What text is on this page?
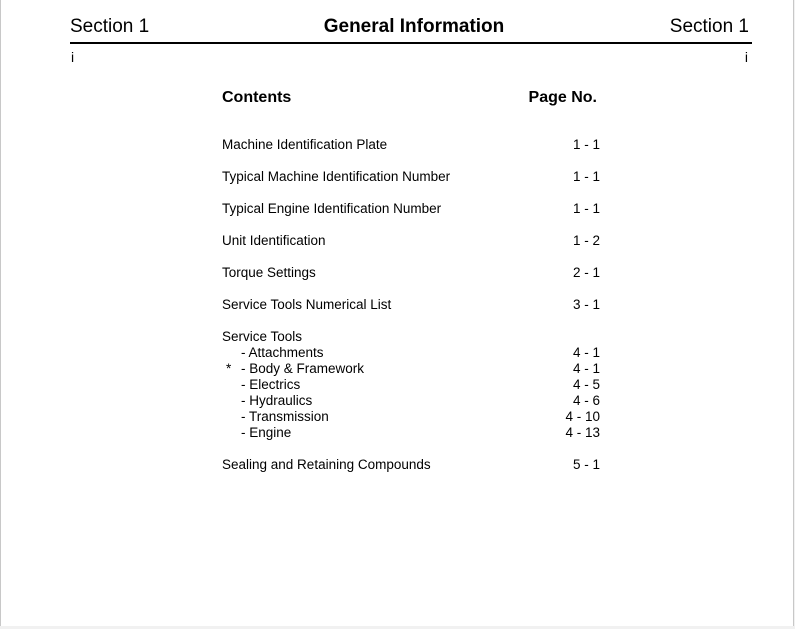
Section 1	General Information	Section 1
i	i
Contents	Page No.
Machine Identification Plate	1 - 1
Typical Machine Identification Number	1 - 1
Typical Engine Identification Number	1 - 1
Unit Identification	1 - 2
Torque Settings	2 - 1
Service Tools Numerical List	3 - 1
Service Tools
- Attachments	4 - 1
* - Body & Framework	4 - 1
- Electrics	4 - 5
- Hydraulics	4 - 6
- Transmission	4 - 10
- Engine	4 - 13
Sealing and Retaining Compounds	5 - 1
